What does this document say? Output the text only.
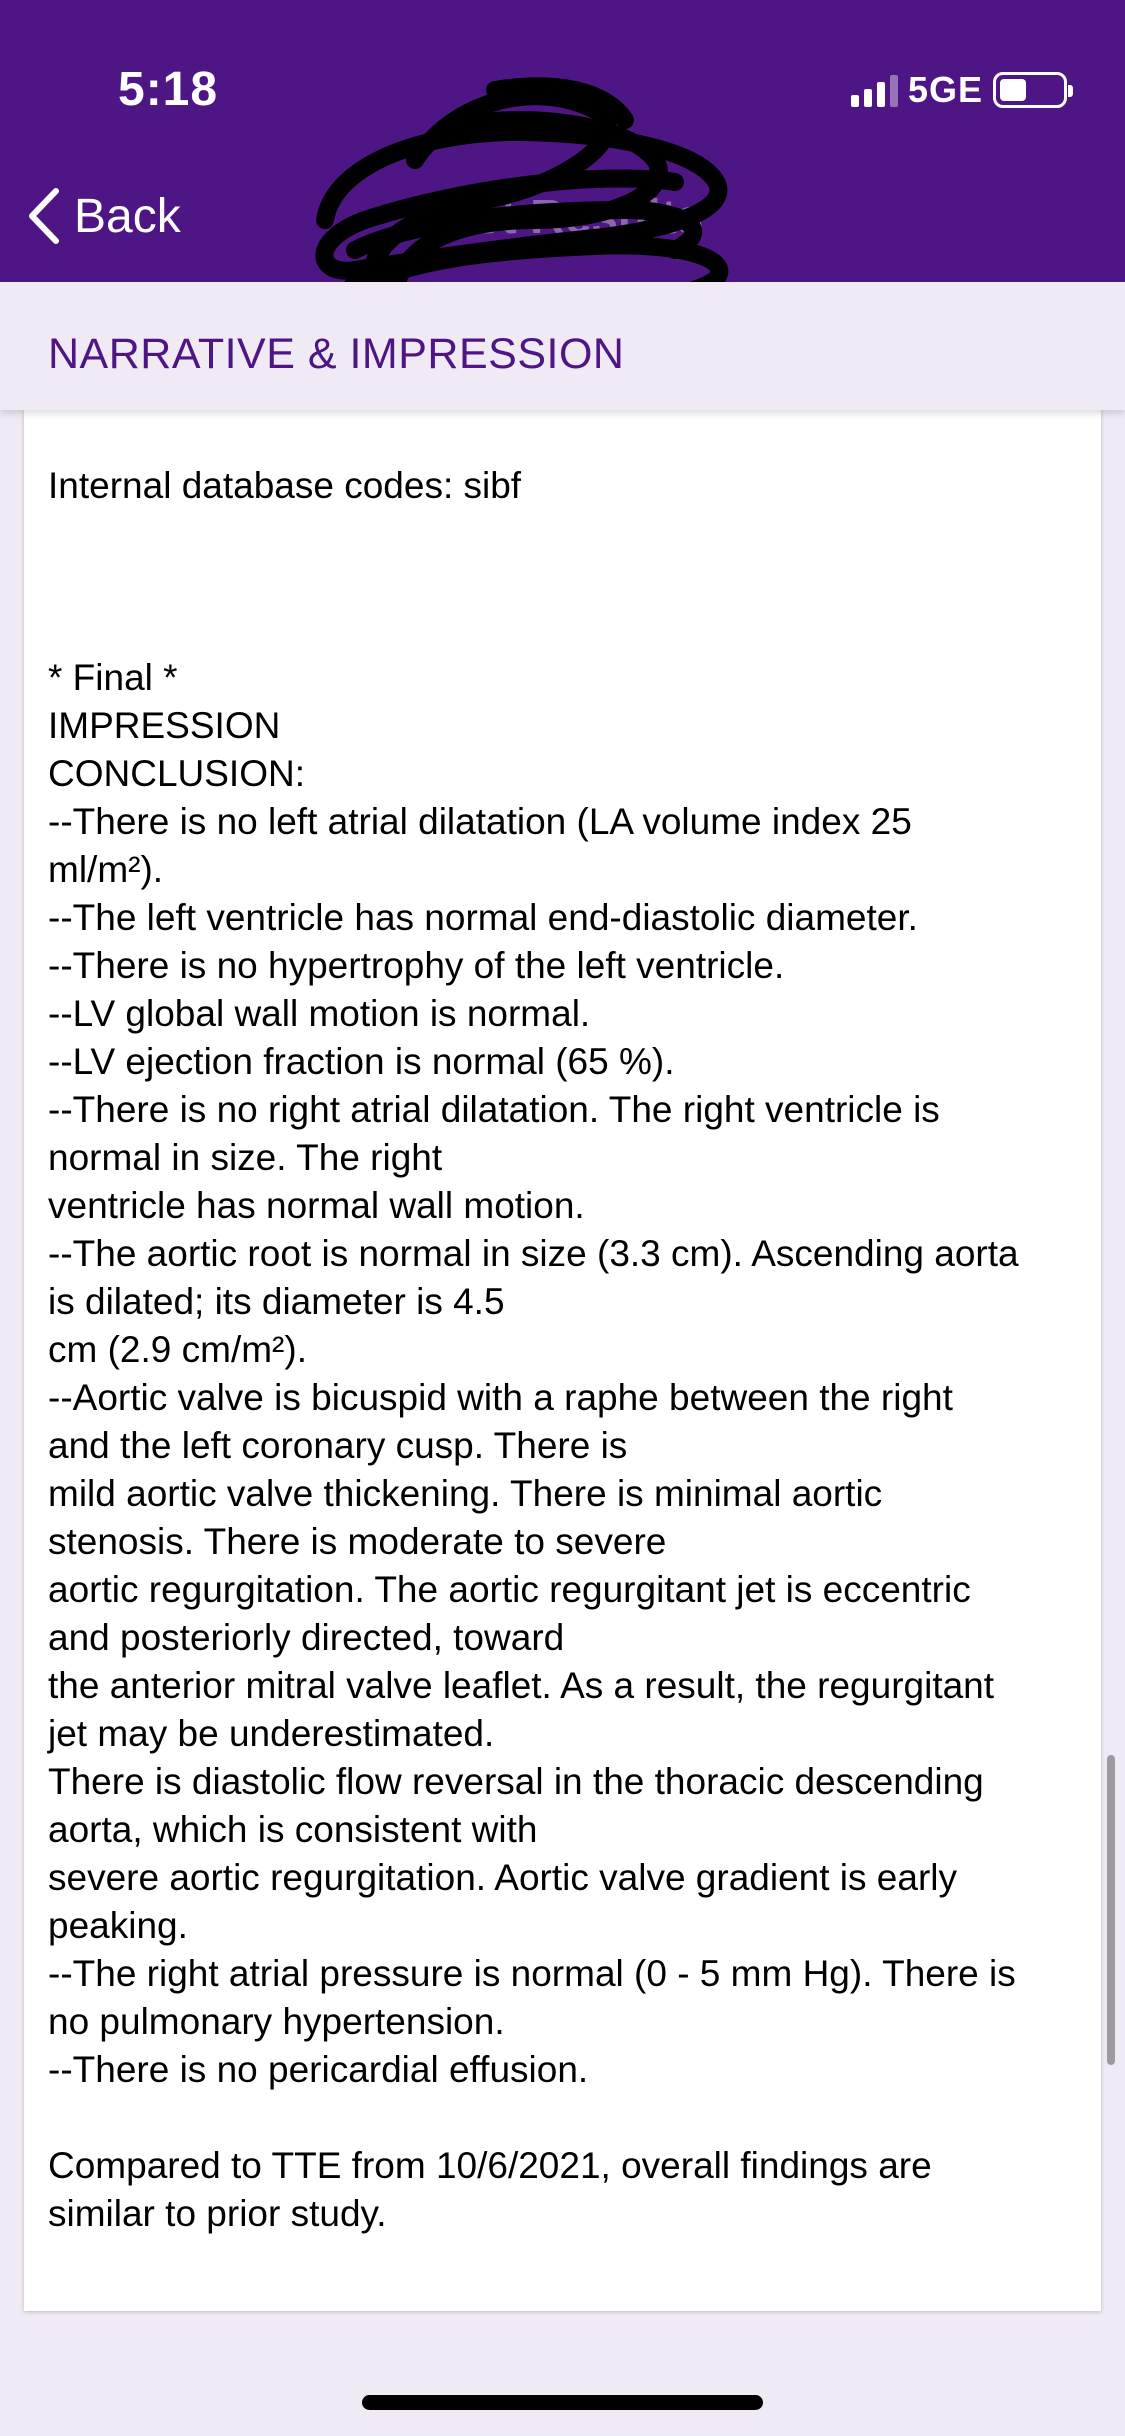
5:18	5GE
Back	Test Results
NARRATIVE & IMPRESSION
Internal database codes: sibf

* Final *
IMPRESSION
CONCLUSION:
--There is no left atrial dilatation (LA volume index 25
ml/m²).
--The left ventricle has normal end-diastolic diameter.
--There is no hypertrophy of the left ventricle.
--LV global wall motion is normal.
--LV ejection fraction is normal (65 %).
--There is no right atrial dilatation. The right ventricle is
normal in size. The right
ventricle has normal wall motion.
--The aortic root is normal in size (3.3 cm). Ascending aorta
is dilated; its diameter is 4.5
cm (2.9 cm/m²).
--Aortic valve is bicuspid with a raphe between the right
and the left coronary cusp. There is
mild aortic valve thickening. There is minimal aortic
stenosis. There is moderate to severe
aortic regurgitation. The aortic regurgitant jet is eccentric
and posteriorly directed, toward
the anterior mitral valve leaflet. As a result, the regurgitant
jet may be underestimated.
There is diastolic flow reversal in the thoracic descending
aorta, which is consistent with
severe aortic regurgitation. Aortic valve gradient is early
peaking.
--The right atrial pressure is normal (0 - 5 mm Hg). There is
no pulmonary hypertension.
--There is no pericardial effusion.

Compared to TTE from 10/6/2021, overall findings are
similar to prior study.
